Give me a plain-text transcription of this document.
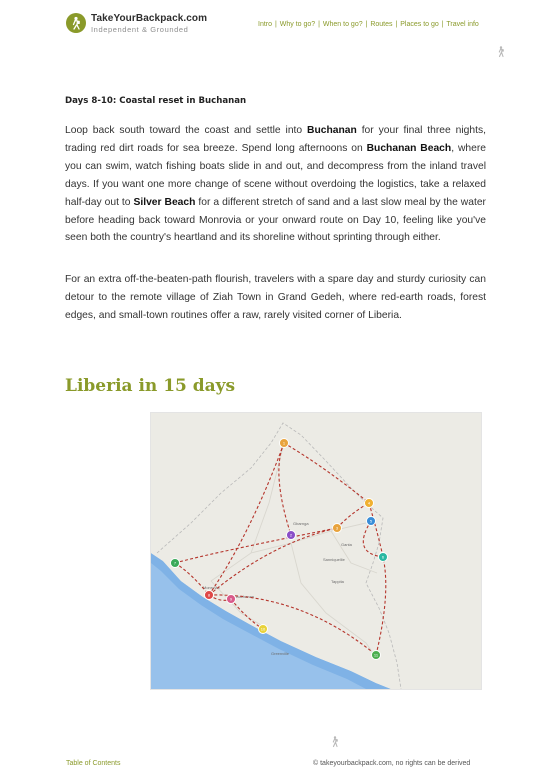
TakeYourBackpack.com
Independent & Grounded
Intro | Why to go? | When to go? | Routes | Places to go | Travel info
Days 8-10: Coastal reset in Buchanan
Loop back south toward the coast and settle into Buchanan for your final three nights, trading red dirt roads for sea breeze. Spend long afternoons on Buchanan Beach, where you can swim, watch fishing boats slide in and out, and decompress from the inland travel days. If you want one more change of scene without overdoing the logistics, take a relaxed half-day out to Silver Beach for a different stretch of sand and a last slow meal by the water before heading back toward Monrovia or your onward route on Day 10, feeling like you've seen both the country's heartland and its shoreline without sprinting through either.
For an extra off-the-beaten-path flourish, travelers with a spare day and sturdy curiosity can detour to the remote village of Ziah Town in Grand Gedeh, where red-earth roads, forest edges, and small-town routines offer a raw, rarely visited corner of Liberia.
Liberia in 15 days
Gbarnga
Ganta
Sanniquellie
Monrovia
Buchanan
Greenville
Tappita
1
2
3
4
5
6
7
8
9
10
11
Table of Contents	© takeyourbackpack.com, no rights can be derived
